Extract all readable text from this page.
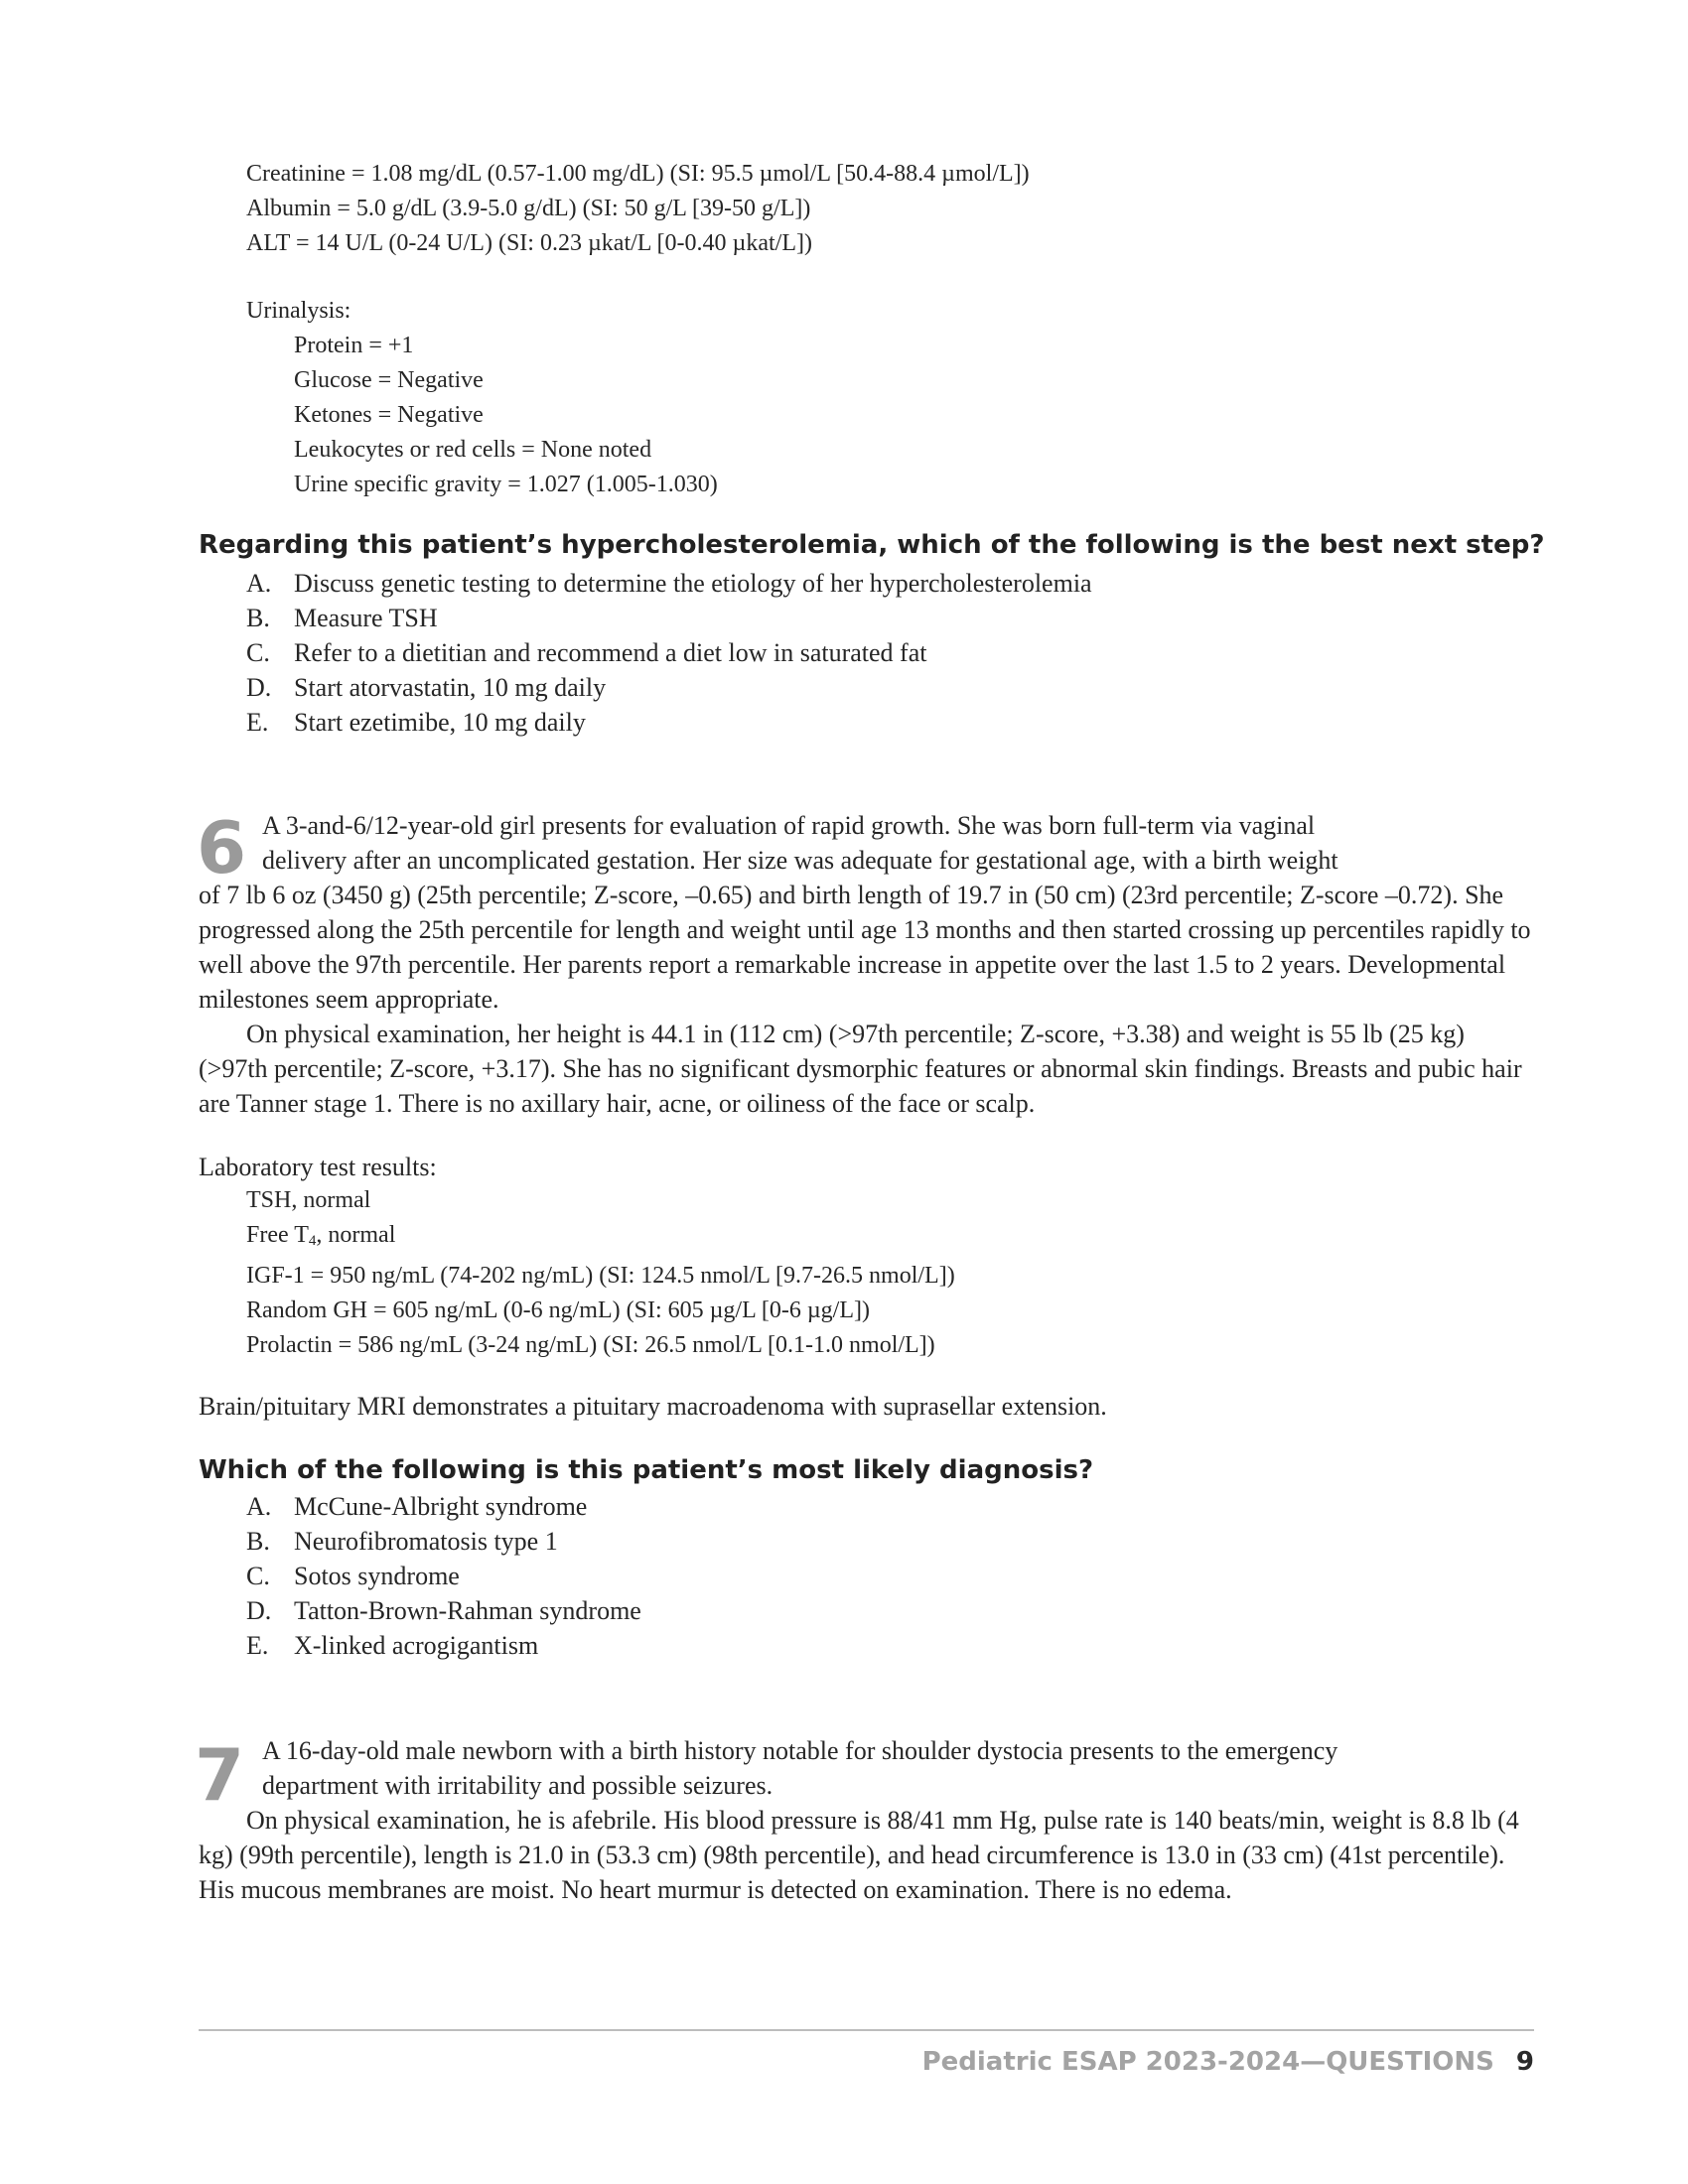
Creatinine = 1.08 mg/dL (0.57-1.00 mg/dL) (SI: 95.5 µmol/L [50.4-88.4 µmol/L])
Albumin = 5.0 g/dL (3.9-5.0 g/dL) (SI: 50 g/L [39-50 g/L])
ALT = 14 U/L (0-24 U/L) (SI: 0.23 µkat/L [0-0.40 µkat/L])
Urinalysis:
Protein = +1
Glucose = Negative
Ketones = Negative
Leukocytes or red cells = None noted
Urine specific gravity = 1.027 (1.005-1.030)
Regarding this patient’s hypercholesterolemia, which of the following is the best next step?
A. Discuss genetic testing to determine the etiology of her hypercholesterolemia
B. Measure TSH
C. Refer to a dietitian and recommend a diet low in saturated fat
D. Start atorvastatin, 10 mg daily
E. Start ezetimibe, 10 mg daily
6 A 3-and-6/12-year-old girl presents for evaluation of rapid growth. She was born full-term via vaginal

delivery after an uncomplicated gestation. Her size was adequate for gestational age, with a birth weight

of 7 lb 6 oz (3450 g) (25th percentile; Z-score, –0.65) and birth length of 19.7 in (50 cm) (23rd percentile; Z-score –0.72). She progressed along the 25th percentile for length and weight until age 13 months and then started crossing up percentiles rapidly to well above the 97th percentile. Her parents report a remarkable increase in appetite over the last 1.5 to 2 years. Developmental milestones seem appropriate.

On physical examination, her height is 44.1 in (112 cm) (>97th percentile; Z-score, +3.38) and weight is 55 lb (25 kg) (>97th percentile; Z-score, +3.17). She has no significant dysmorphic features or abnormal skin findings. Breasts and pubic hair are Tanner stage 1. There is no axillary hair, acne, or oiliness of the face or scalp.

Laboratory test results:
TSH, normal
Free $T_4$, normal
IGF-1 = 950 ng/mL (74-202 ng/mL) (SI: 124.5 nmol/L [9.7-26.5 nmol/L])
Random GH = 605 ng/mL (0-6 ng/mL) (SI: 605 µg/L [0-6 µg/L])
Prolactin = 586 ng/mL (3-24 ng/mL) (SI: 26.5 nmol/L [0.1-1.0 nmol/L])
Brain/pituitary MRI demonstrates a pituitary macroadenoma with suprasellar extension.
Which of the following is this patient’s most likely diagnosis?
A. McCune-Albright syndrome
B. Neurofibromatosis type 1
C. Sotos syndrome
D. Tatton-Brown-Rahman syndrome
E. X-linked acrogigantism
7 A 16-day-old male newborn with a birth history notable for shoulder dystocia presents to the emergency

department with irritability and possible seizures.

On physical examination, he is afebrile. His blood pressure is 88/41 mm Hg, pulse rate is 140 beats/min, weight is 8.8 lb (4 kg) (99th percentile), length is 21.0 in (53.3 cm) (98th percentile), and head circumference is 13.0 in (33 cm) (41st percentile). His mucous membranes are moist. No heart murmur is detected on examination. There is no edema.

Pediatric ESAP 2023-2024—QUESTIONS 9
